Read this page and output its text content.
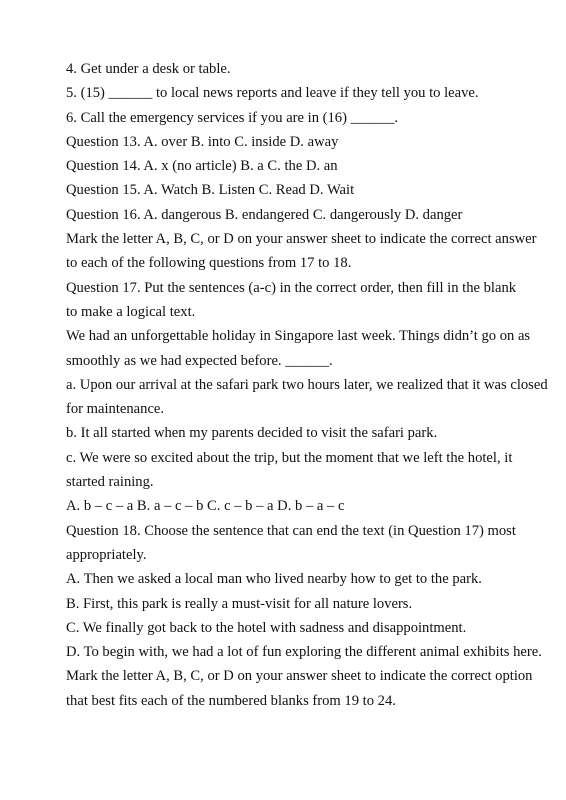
4. Get under a desk or table.

5. (15) ______ to local news reports and leave if they tell you to leave.

6. Call the emergency services if you are in (16) ______.

Question 13. A. over B. into C. inside D. away

Question 14. A. x (no article) B. a C. the D. an

Question 15. A. Watch B. Listen C. Read D. Wait

Question 16. A. dangerous B. endangered C. dangerously D. danger

Mark the letter A, B, C, or D on your answer sheet to indicate the correct answer

to each of the following questions from 17 to 18.

Question 17. Put the sentences (a-c) in the correct order, then fill in the blank

to make a logical text.

We had an unforgettable holiday in Singapore last week. Things didn’t go on as

smoothly as we had expected before. ______.

a. Upon our arrival at the safari park two hours later, we realized that it was closed

for maintenance.

b. It all started when my parents decided to visit the safari park.

c. We were so excited about the trip, but the moment that we left the hotel, it

started raining.

A. b – c – a B. a – c – b C. c – b – a D. b – a – c

Question 18. Choose the sentence that can end the text (in Question 17) most

appropriately.

A. Then we asked a local man who lived nearby how to get to the park.

B. First, this park is really a must-visit for all nature lovers.

C. We finally got back to the hotel with sadness and disappointment.

D. To begin with, we had a lot of fun exploring the different animal exhibits here.

Mark the letter A, B, C, or D on your answer sheet to indicate the correct option

that best fits each of the numbered blanks from 19 to 24.
